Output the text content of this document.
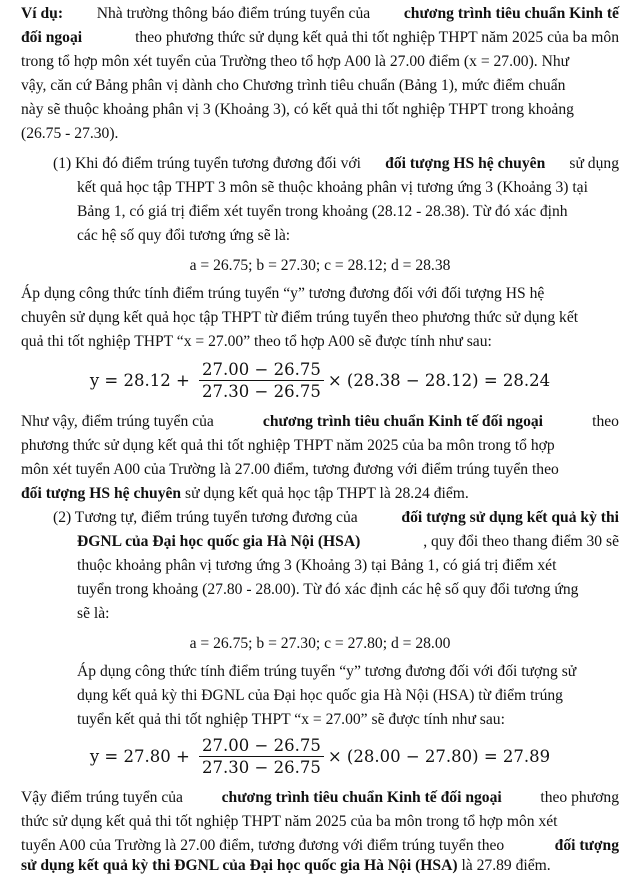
Ví dụ: Nhà trường thông báo điểm trúng tuyển của chương trình tiêu chuẩn Kinh tế
đối ngoại	theo phương thức sử dụng kết quả thi tốt nghiệp THPT năm 2025 của ba môn
trong tổ hợp môn xét tuyển của Trường theo tổ hợp A00 là 27.00 điểm (x = 27.00). Như
vậy, căn cứ Bảng phân vị dành cho Chương trình tiêu chuẩn (Bảng 1), mức điểm chuẩn
này sẽ thuộc khoảng phân vị 3 (Khoảng 3), có kết quả thi tốt nghiệp THPT trong khoảng
(26.75 - 27.30).
(1) Khi đó điểm trúng tuyển tương đương đối với đối tượng HS hệ chuyên sử dụng
kết quả học tập THPT 3 môn sẽ thuộc khoảng phân vị tương ứng 3 (Khoảng 3) tại
Bảng 1, có giá trị điểm xét tuyển trong khoảng (28.12 - 28.38). Từ đó xác định
các hệ số quy đổi tương ứng sẽ là:
a = 26.75; b = 27.30; c = 28.12; d = 28.38
Áp dụng công thức tính điểm trúng tuyển “y” tương đương đối với đối tượng HS hệ
chuyên sử dụng kết quả học tập THPT từ điểm trúng tuyển theo phương thức sử dụng kết
quả thi tốt nghiệp THPT “x = 27.00” theo tổ hợp A00 sẽ được tính như sau:
$y = 28.12 + \frac{27.00 - 26.75}{27.30 - 26.75} \times (28.38 - 28.12) = 28.24$
Như vậy, điểm trúng tuyển của	chương trình tiêu chuẩn Kinh tế đối ngoại	theo
phương thức sử dụng kết quả thi tốt nghiệp THPT năm 2025 của ba môn trong tổ hợp
môn xét tuyển A00 của Trường là 27.00 điểm, tương đương với điểm trúng tuyển theo
đối tượng HS hệ chuyên sử dụng kết quả học tập THPT là 28.24 điểm.
(2) Tương tự, điểm trúng tuyển tương đương của	đối tượng sử dụng kết quả kỳ thi
ĐGNL của Đại học quốc gia Hà Nội (HSA)	, quy đổi theo thang điểm 30 sẽ
thuộc khoảng phân vị tương ứng 3 (Khoảng 3) tại Bảng 1, có giá trị điểm xét
tuyển trong khoảng (27.80 - 28.00). Từ đó xác định các hệ số quy đổi tương ứng
sẽ là:
a = 26.75; b = 27.30; c = 27.80; d = 28.00
Áp dụng công thức tính điểm trúng tuyển “y” tương đương đối với đối tượng sử
dụng kết quả kỳ thi ĐGNL của Đại học quốc gia Hà Nội (HSA) từ điểm trúng
tuyển kết quả thi tốt nghiệp THPT “x = 27.00” sẽ được tính như sau:
$y = 27.80 + \frac{27.00 - 26.75}{27.30 - 26.75} \times (28.00 - 27.80) = 27.89$
Vậy điểm trúng tuyển của chương trình tiêu chuẩn Kinh tế đối ngoại theo phương
thức sử dụng kết quả thi tốt nghiệp THPT năm 2025 của ba môn trong tổ hợp môn xét
tuyển A00 của Trường là 27.00 điểm, tương đương với điểm trúng tuyển theo	đối tượng
sử dụng kết quả kỳ thi ĐGNL của Đại học quốc gia Hà Nội (HSA) là 27.89 điểm.
